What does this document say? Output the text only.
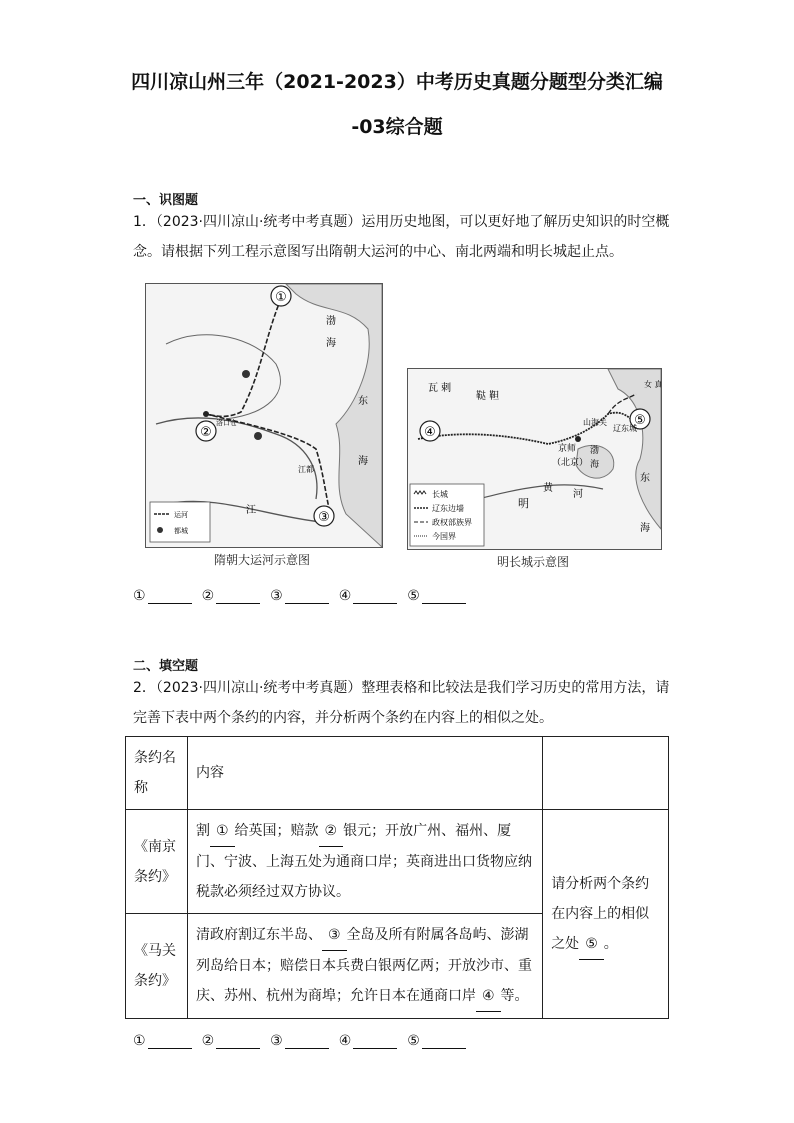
四川凉山州三年（2021-2023）中考历史真题分题型分类汇编
-03综合题
一、识图题
1．（2023·四川凉山·统考中考真题）运用历史地图，可以更好地了解历史知识的时空概
念。请根据下列工程示意图写出隋朝大运河的中心、南北两端和明长城起止点。
①
②
③
渤
海
东
海
江都
洛口仓
江
运河
都城
隋朝大运河示意图
④
⑤
瓦 剌
鞑 靼
女 真
山海关
京师
（北京）
辽东城
明
黄
河
渤
海
东
海
长城
辽东边墙
政权部族界
今国界
明长城示意图
①	②	③	④	⑤
二、填空题
2．（2023·四川凉山·统考中考真题）整理表格和比较法是我们学习历史的常用方法，请
完善下表中两个条约的内容，并分析两个条约在内容上的相似之处。
条约名称	内容	
《南京条约》	割 ① 给英国；赔款 ② 银元；开放广州、福州、厦门、宁波、上海五处为通商口岸；英商进出口货物应纳税款必须经过双方协议。	请分析两个条约在内容上的相似之处 ⑤ 。
《马关条约》	清政府割辽东半岛、 ③ 全岛及所有附属各岛屿、澎湖列岛给日本；赔偿日本兵费白银两亿两；开放沙市、重庆、苏州、杭州为商埠；允许日本在通商口岸 ④ 等。	
①	②	③	④	⑤
